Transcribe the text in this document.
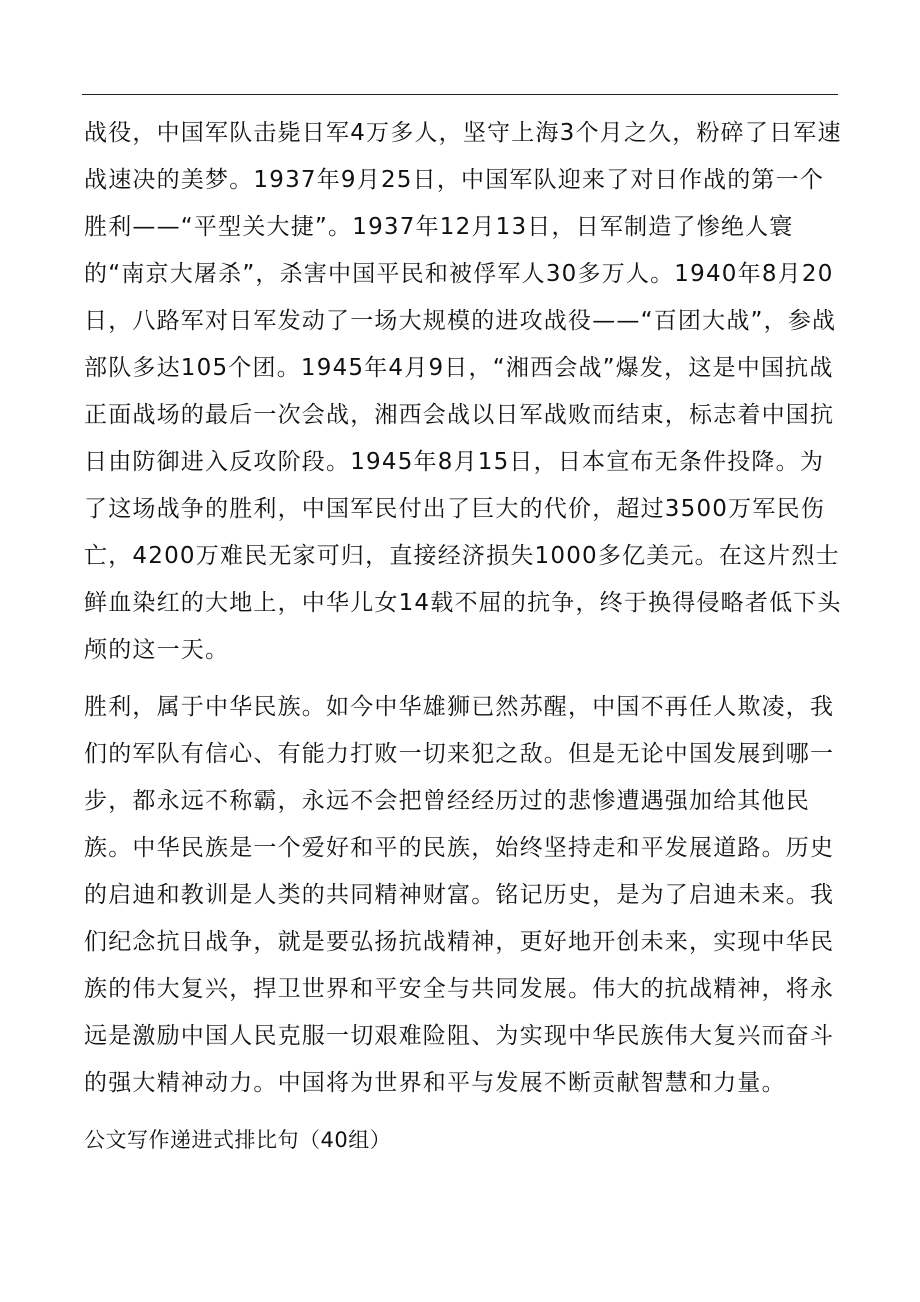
战役，中国军队击毙日军4万多人，坚守上海3个月之久，粉碎了日军速战速决的美梦。1937年9月25日，中国军队迎来了对日作战的第一个胜利——“平型关大捷”。1937年12月13日，日军制造了惨绝人寰的“南京大屠杀”，杀害中国平民和被俘军人30多万人。1940年8月20日，八路军对日军发动了一场大规模的进攻战役——“百团大战”，参战部队多达105个团。1945年4月9日，“湘西会战”爆发，这是中国抗战正面战场的最后一次会战，湘西会战以日军战败而结束，标志着中国抗日由防御进入反攻阶段。1945年8月15日，日本宣布无条件投降。为了这场战争的胜利，中国军民付出了巨大的代价，超过3500万军民伤亡，4200万难民无家可归，直接经济损失1000多亿美元。在这片烈士鲜血染红的大地上，中华儿女14载不屈的抗争，终于换得侵略者低下头颅的这一天。

胜利，属于中华民族。如今中华雄狮已然苏醒，中国不再任人欺凌，我们的军队有信心、有能力打败一切来犯之敌。但是无论中国发展到哪一步，都永远不称霸，永远不会把曾经经历过的悲惨遭遇强加给其他民族。中华民族是一个爱好和平的民族，始终坚持走和平发展道路。历史的启迪和教训是人类的共同精神财富。铭记历史，是为了启迪未来。我们纪念抗日战争，就是要弘扬抗战精神，更好地开创未来，实现中华民族的伟大复兴，捍卫世界和平安全与共同发展。伟大的抗战精神，将永远是激励中国人民克服一切艰难险阻、为实现中华民族伟大复兴而奋斗的强大精神动力。中国将为世界和平与发展不断贡献智慧和力量。

公文写作递进式排比句（40组）
